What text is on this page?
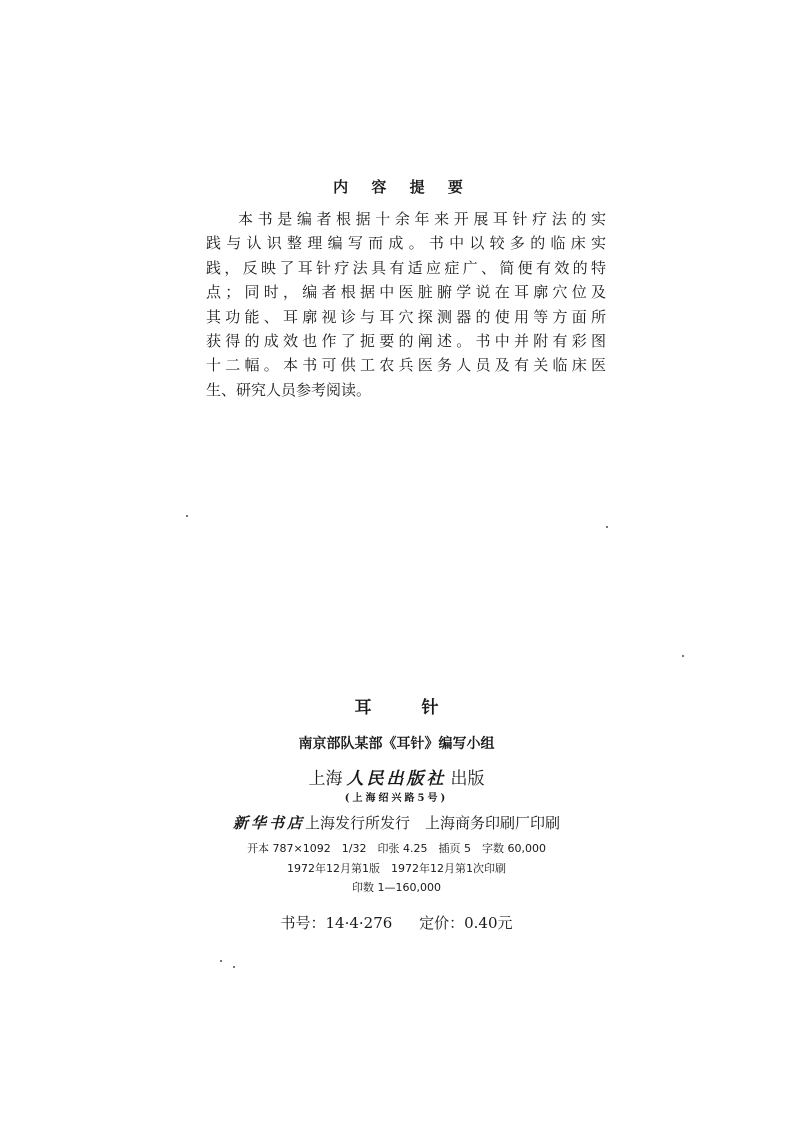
内 容 提 要
本书是编者根据十余年来开展耳针疗法的实
践与认识整理编写而成。书中以较多的临床实
践，反映了耳针疗法具有适应症广、简便有效的特
点；同时，编者根据中医脏腑学说在耳廓穴位及
其功能、耳廓视诊与耳穴探测器的使用等方面所
获得的成效也作了扼要的阐述。书中并附有彩图
十二幅。本书可供工农兵医务人员及有关临床医
生、研究人员参考阅读。
耳 针
南京部队某部《耳针》编写小组
上海 人民出版社 出版
(上海绍兴路5号)
新华书店上海发行所发行　上海商务印刷厂印刷
开本 787×1092　1/32　印张 4.25　插页 5　字数 60,000
1972年12月第1版　1972年12月第1次印刷
印数 1—160,000
书号：14·4·276 定价：0.40元
